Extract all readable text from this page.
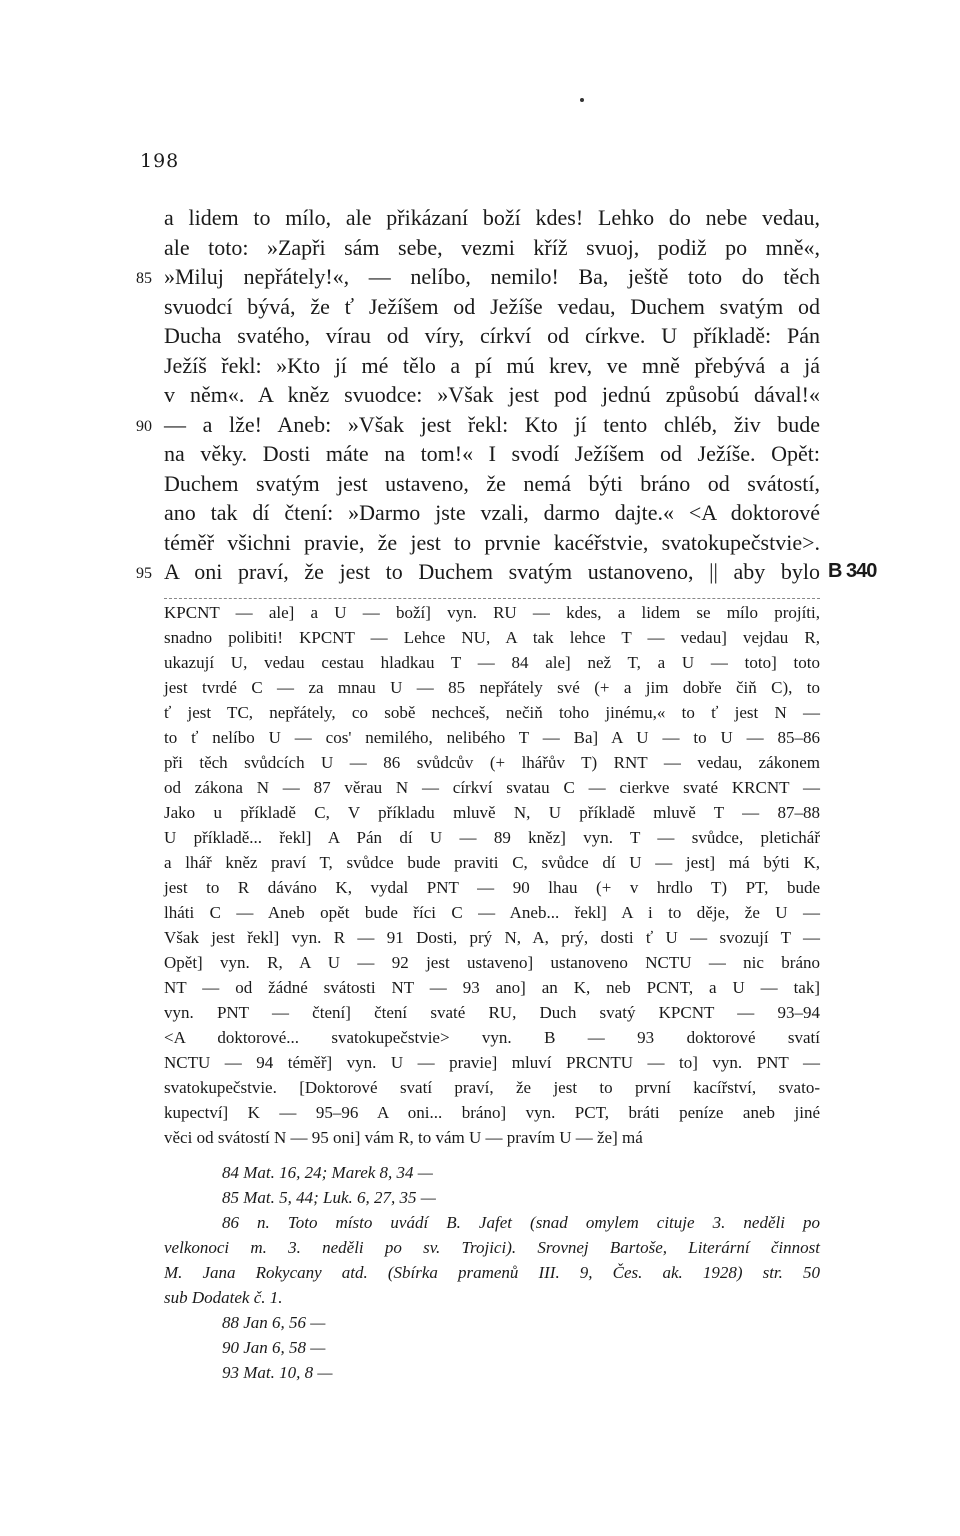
198
a lidem to mílo, ale přikázaní boží kdes! Lehko do nebe vedau,
ale toto: »Zapři sám sebe, vezmi kříž svuoj, podiž po mně«,
»Miluj nepřátely!«, — nelíbo, nemilo! Ba, ještě toto do těch
85
svuodcí bývá, že ť Ježíšem od Ježíše vedau, Duchem svatým od
Ducha svatého, vírau od víry, církví od církve. U příkladě: Pán
Ježíš řekl: »Kto jí mé tělo a pí mú krev, ve mně přebývá a já
v něm«. A kněz svuodce: »Však jest pod jednú způsobú dával!«
— a lže! Aneb: »Však jest řekl: Kto jí tento chléb, živ bude
90
na věky. Dosti máte na tom!« I svodí Ježíšem od Ježíše. Opět:
Duchem svatým jest ustaveno, že nemá býti bráno od svátostí,
ano tak dí čtení: »Darmo jste vzali, darmo dajte.« <A doktorové
téměř všichni pravie, že jest to prvnie kacéřstvie, svatokupečstvie>.
A oni praví, že jest to Duchem svatým ustanoveno, || aby bylo
95	B 340
KPCNT — ale] a U — boží] vyn. RU — kdes, a lidem se mílo projíti,
snadno polibiti! KPCNT — Lehce NU, A tak lehce T — vedau] vejdau R,
ukazují U, vedau cestau hladkau T — 84 ale] než T, a U — toto] toto
jest tvrdé C — za mnau U — 85 nepřátely své (+ a jim dobře čiň C), to
ť jest TC, nepřátely, co sobě nechceš, nečiň toho jinému,« to ť jest N —
to ť nelíbo U — cos' nemilého, nelibého T — Ba] A U — to U — 85–86
při těch svůdcích U — 86 svůdcův (+ lhářův T) RNT — vedau, zákonem
od zákona N — 87 věrau N — církví svatau C — cierkve svaté KRCNT —
Jako u příkladě C, V příkladu mluvě N, U příkladě mluvě T — 87–88
U příkladě... řekl] A Pán dí U — 89 kněz] vyn. T — svůdce, pletichář
a lhář kněz praví T, svůdce bude praviti C, svůdce dí U — jest] má býti K,
jest to R dáváno K, vydal PNT — 90 lhau (+ v hrdlo T) PT, bude
lháti C — Aneb opět bude říci C — Aneb... řekl] A i to děje, že U —
Však jest řekl] vyn. R — 91 Dosti, prý N, A, prý, dosti ť U — svozují T —
Opět] vyn. R, A U — 92 jest ustaveno] ustanoveno NCTU — nic bráno
NT — od žádné svátosti NT — 93 ano] an K, neb PCNT, a U — tak]
vyn. PNT — čtení] čtení svaté RU, Duch svatý KPCNT — 93–94
<A doktorové... svatokupečstvie> vyn. B — 93 doktorové svatí
NCTU — 94 téměř] vyn. U — pravie] mluví PRCNTU — to] vyn. PNT —
svatokupečstvie. [Doktorové svatí praví, že jest to první kacířství, svato-
kupectví] K — 95–96 A oni... bráno] vyn. PCT, bráti peníze aneb jiné
věci od svátostí N — 95 oni] vám R, to vám U — pravím U — že] má
84 Mat. 16, 24; Marek 8, 34 —
85 Mat. 5, 44; Luk. 6, 27, 35 —
86 n. Toto místo uvádí B. Jafet (snad omylem cituje 3. neděli po
velkonoci m. 3. neděli po sv. Trojici). Srovnej Bartoše, Literární činnost
M. Jana Rokycany atd. (Sbírka pramenů III. 9, Čes. ak. 1928) str. 50
sub Dodatek č. 1.
88 Jan 6, 56 —
90 Jan 6, 58 —
93 Mat. 10, 8 —
